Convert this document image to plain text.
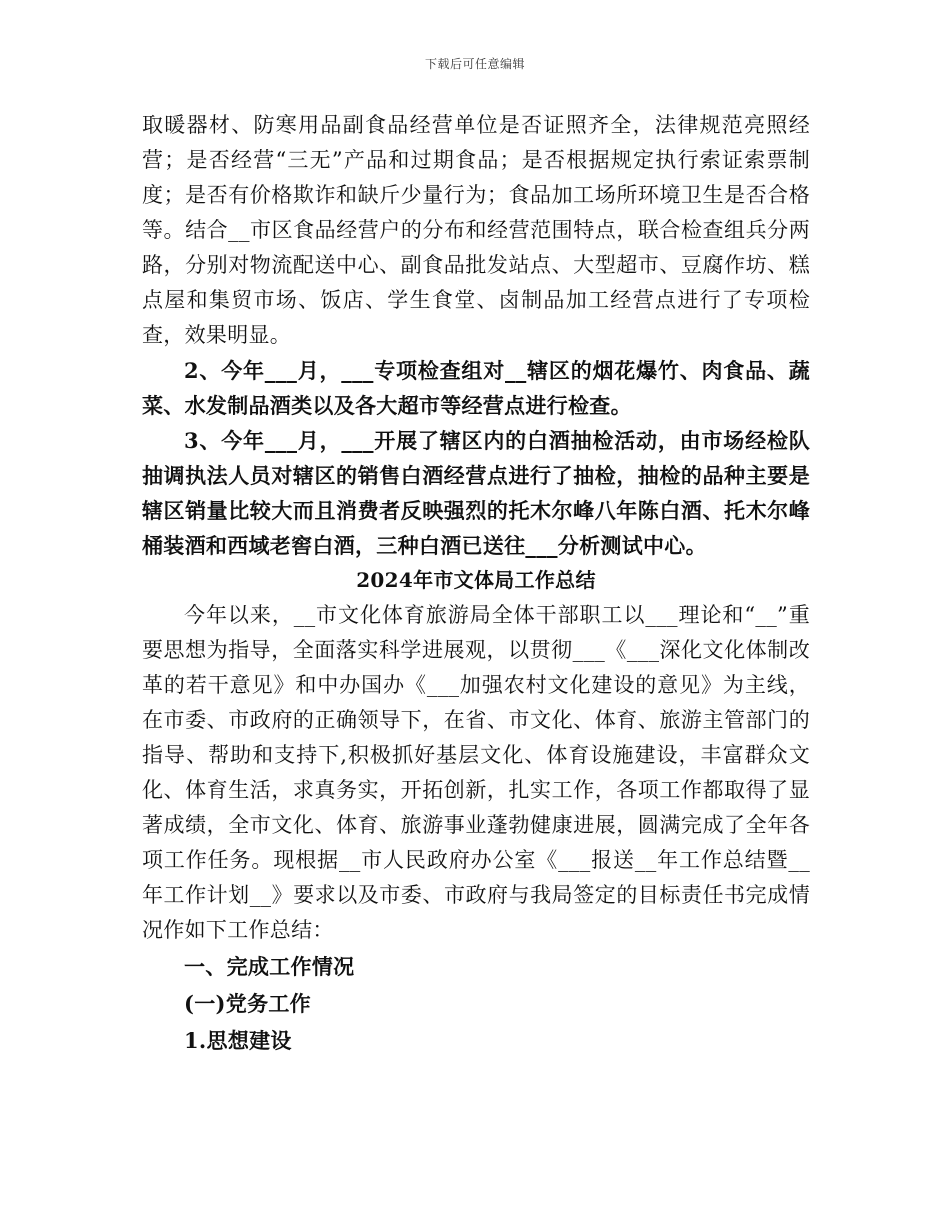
下载后可任意编辑

取暖器材、防寒用品副食品经营单位是否证照齐全，法律规范亮照经营；是否经营“三无”产品和过期食品；是否根据规定执行索证索票制度；是否有价格欺诈和缺斤少量行为；食品加工场所环境卫生是否合格等。结合__市区食品经营户的分布和经营范围特点，联合检查组兵分两路，分别对物流配送中心、副食品批发站点、大型超市、豆腐作坊、糕点屋和集贸市场、饭店、学生食堂、卤制品加工经营点进行了专项检查，效果明显。

2、今年___月，___专项检查组对__辖区的烟花爆竹、肉食品、蔬菜、水发制品酒类以及各大超市等经营点进行检查。

3、今年___月，___开展了辖区内的白酒抽检活动，由市场经检队抽调执法人员对辖区的销售白酒经营点进行了抽检，抽检的品种主要是辖区销量比较大而且消费者反映强烈的托木尔峰八年陈白酒、托木尔峰桶装酒和西域老窖白酒，三种白酒已送往___分析测试中心。

2024年市文体局工作总结

今年以来，__市文化体育旅游局全体干部职工以___理论和“__”重要思想为指导，全面落实科学进展观，以贯彻___《___深化文化体制改革的若干意见》和中办国办《___加强农村文化建设的意见》为主线，在市委、市政府的正确领导下，在省、市文化、体育、旅游主管部门的指导、帮助和支持下,积极抓好基层文化、体育设施建设，丰富群众文化、体育生活，求真务实，开拓创新，扎实工作，各项工作都取得了显著成绩，全市文化、体育、旅游事业蓬勃健康进展，圆满完成了全年各项工作任务。现根据__市人民政府办公室《___报送__年工作总结暨__年工作计划__》要求以及市委、市政府与我局签定的目标责任书完成情况作如下工作总结：

一、完成工作情况
(一)党务工作
1.思想建设
